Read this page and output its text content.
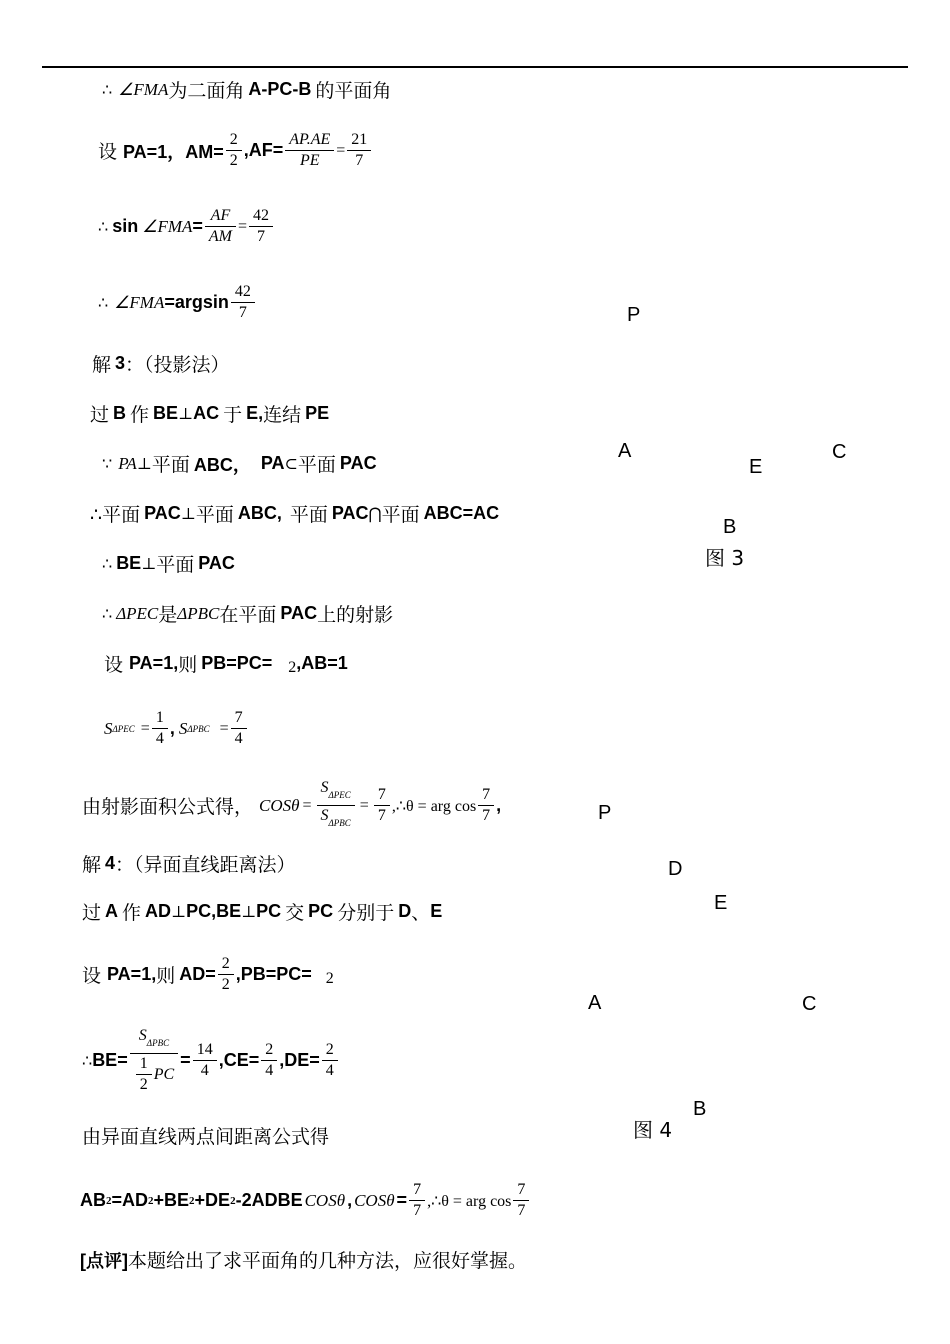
∴ ∠FMA 为二面角 A-PC-B 的平面角
设 PA=1，$AM= \frac{2}{2} ,AF= \frac{AP.AE}{PE} = \frac{21}{7}$
∴ sin ∠FMA = $\frac{AF}{AM} = \frac{42}{7}$
∴ ∠FMA $=argsin \frac{42}{7}$
解 3 ：（投影法）
过 B 作 BE ⊥ AC 于 E, 连结 PE
∵ PA ⊥ 平面 ABC， PA ⊂ 平面 PAC
∴平面 PAC ⊥ 平面 ABC, 平面 PAC ⋂ 平面 ABC=AC
∴ BE ⊥ 平面 PAC
∴ ΔPEC 是 ΔPBC 在平面 PAC 上的射影
设 PA=1, 则 PB=PC= 2 ,AB=1
S $\Delta PEC = \frac{1}{4}$ , S $\Delta PBC = \frac{7}{4}$
由射影面积公式得， $COS\theta = \frac{S_{\Delta PEC}}{S_{\Delta PBC}} = \frac{7}{7}$ ,∴θ = arg $\cos \frac{7}{7}$ ,
解 4 ：（异面直线距离法）
过 A 作 AD ⊥ PC,BE ⊥ PC 交 PC 分别于 D 、 E
设 PA=1, 则 $AD= \frac{2}{2} ,PB=PC= 2$
∴ $BE= \frac{S_{\Delta PBC}}{\frac{1}{2} PC} = \frac{14}{4} ,CE= \frac{2}{4} ,DE= \frac{2}{4}$
由异面直线两点间距离公式得
AB 2 =AD 2 +BE 2 +DE 2 -2ADBE COSθ , $COS\theta = \frac{7}{7}$ ,∴θ = arg $\cos \frac{7}{7}$
[点评] 本题给出了求平面角的几种方法，应很好掌握。
P
A
E
C
B
图 3
P
D
E
A	C
B
图 4
